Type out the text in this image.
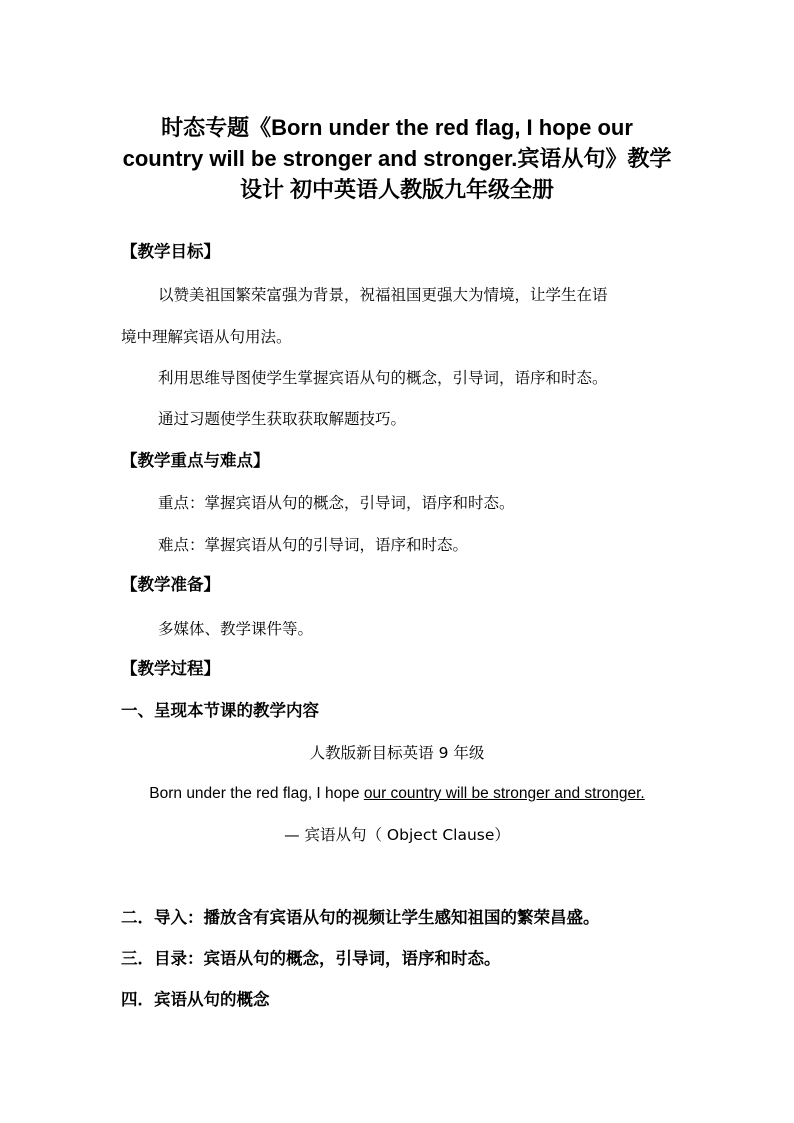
时态专题《Born under the red flag, I hope our
country will be stronger and stronger.宾语从句》教学
设计 初中英语人教版九年级全册
【教学目标】
以赞美祖国繁荣富强为背景，祝福祖国更强大为情境，让学生在语
境中理解宾语从句用法。
利用思维导图使学生掌握宾语从句的概念，引导词，语序和时态。
通过习题使学生获取获取解题技巧。
【教学重点与难点】
重点：掌握宾语从句的概念，引导词，语序和时态。
难点：掌握宾语从句的引导词，语序和时态。
【教学准备】
多媒体、教学课件等。
【教学过程】
一、呈现本节课的教学内容
人教版新目标英语 9 年级
Born under the red flag, I hope our country will be stronger and stronger.
— 宾语从句（ Object Clause）
二．导入：播放含有宾语从句的视频让学生感知祖国的繁荣昌盛。
三．目录：宾语从句的概念，引导词，语序和时态。
四．宾语从句的概念
